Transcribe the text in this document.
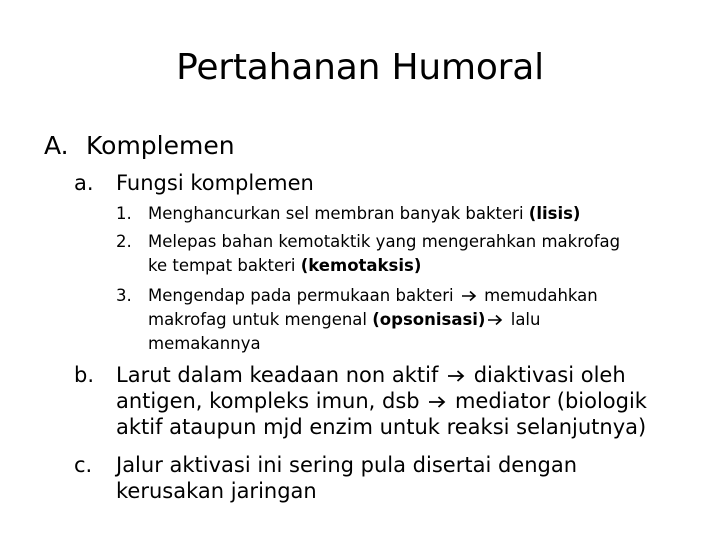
Pertahanan Humoral
A. Komplemen
a. Fungsi komplemen
1. Menghancurkan sel membran banyak bakteri (lisis)
2. Melepas bahan kemotaktik yang mengerahkan makrofag
ke tempat bakteri (kemotaksis)
3. Mengendap pada permukaan bakteri  memudahkan
makrofag untuk mengenal (opsonisasi) lalu
memakannya
b. Larut dalam keadaan non aktif  diaktivasi oleh
antigen, kompleks imun, dsb  mediator (biologik
aktif ataupun mjd enzim untuk reaksi selanjutnya)
c. Jalur aktivasi ini sering pula disertai dengan
kerusakan jaringan
